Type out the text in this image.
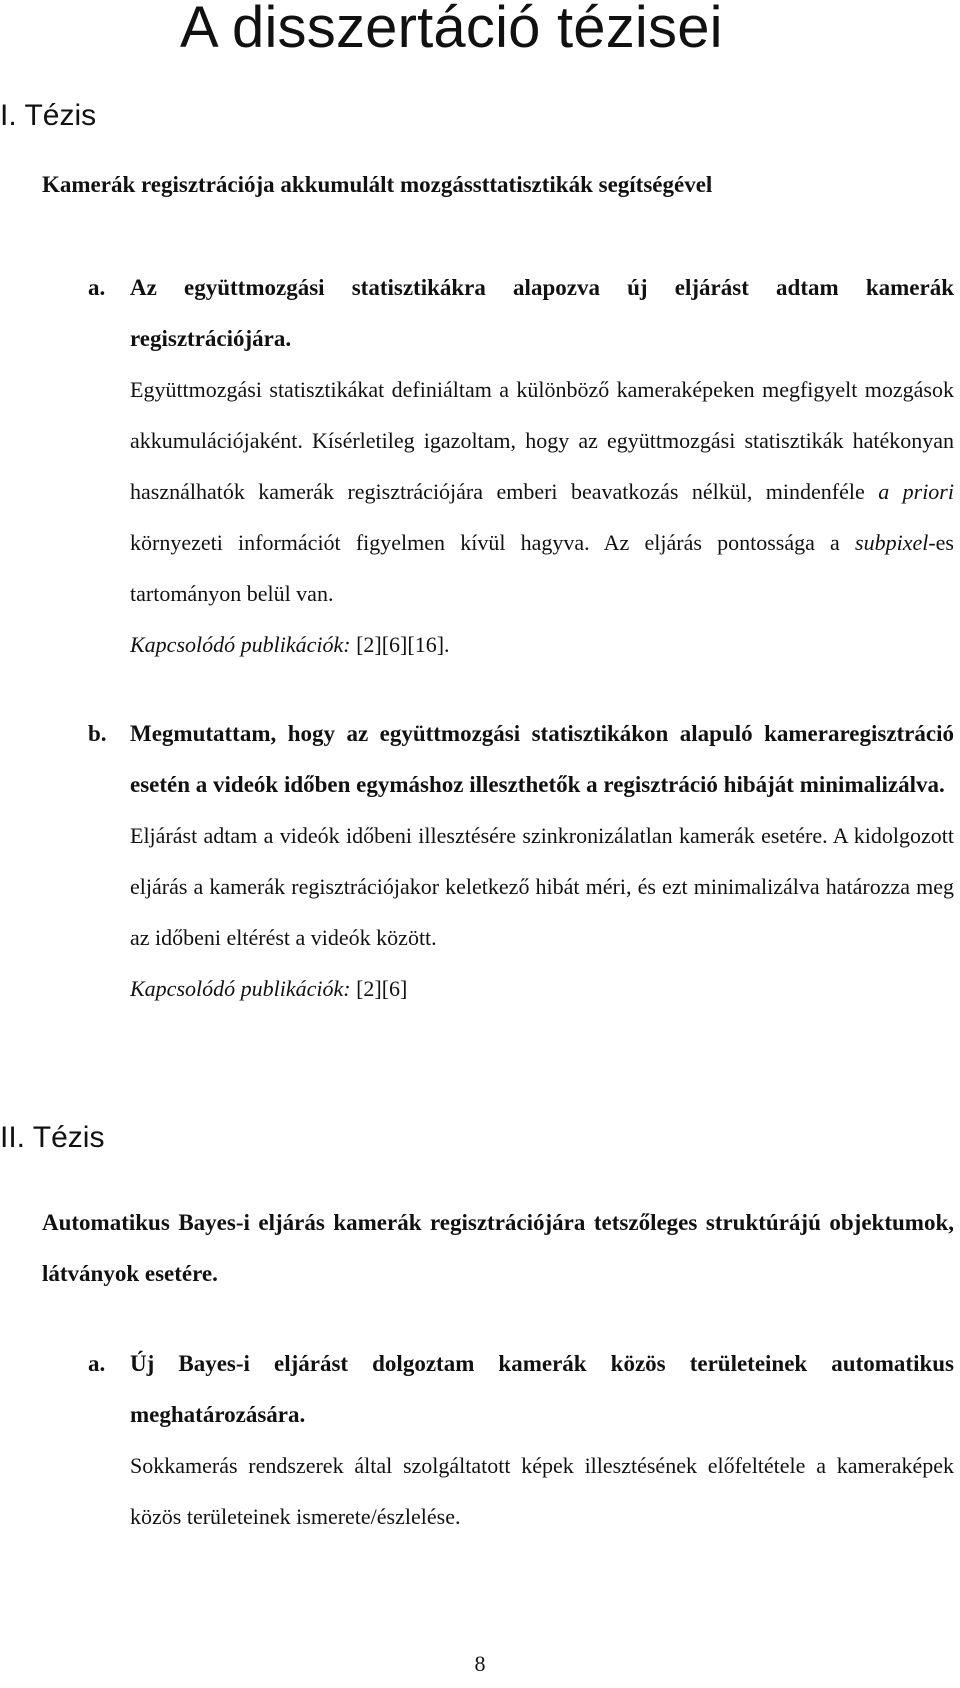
A disszertáció tézisei
I. Tézis

Kamerák regisztrációja akkumulált mozgássttatisztikák segítségével

a. Az együttmozgási statisztikákra alapozva új eljárást adtam kamerák regisztrációjára.

Együttmozgási statisztikákat definiáltam a különböző kameraképeken megfigyelt mozgások akkumulációjaként. Kísérletileg igazoltam, hogy az együttmozgási statisztikák hatékonyan használhatók kamerák regisztrációjára emberi beavatkozás nélkül, mindenféle a priori környezeti információt figyelmen kívül hagyva. Az eljárás pontossága a subpixel-es tartományon belül van.

Kapcsolódó publikációk: [2][6][16].

b. Megmutattam, hogy az együttmozgási statisztikákon alapuló kameraregisztráció esetén a videók időben egymáshoz illeszthetők a regisztráció hibáját minimalizálva.

Eljárást adtam a videók időbeni illesztésére szinkronizálatlan kamerák esetére. A kidolgozott eljárás a kamerák regisztrációjakor keletkező hibát méri, és ezt minimalizálva határozza meg az időbeni eltérést a videók között.

Kapcsolódó publikációk: [2][6]

II. Tézis

Automatikus Bayes-i eljárás kamerák regisztrációjára tetszőleges struktúrájú objektumok, látványok esetére.

a. Új Bayes-i eljárást dolgoztam kamerák közös területeinek automatikus meghatározására.

Sokkamerás rendszerek által szolgáltatott képek illesztésének előfeltétele a kameraképek közös területeinek ismerete/észlelése.

8
